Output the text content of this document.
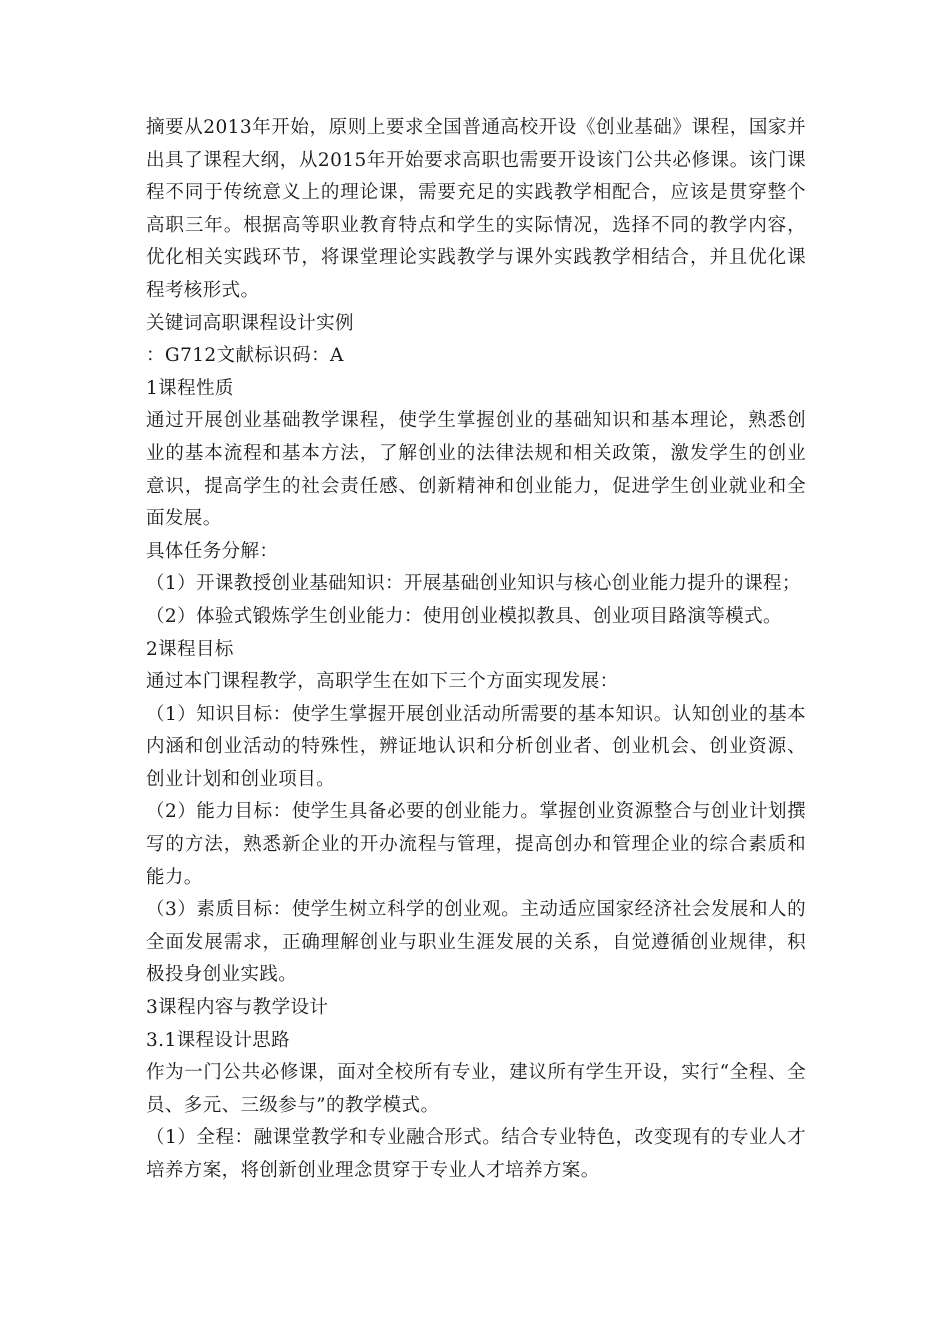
摘要从2013年开始，原则上要求全国普通高校开设《创业基础》课程，国家并出具了课程大纲，从2015年开始要求高职也需要开设该门公共必修课。该门课程不同于传统意义上的理论课，需要充足的实践教学相配合，应该是贯穿整个高职三年。根据高等职业教育特点和学生的实际情况，选择不同的教学内容，优化相关实践环节，将课堂理论实践教学与课外实践教学相结合，并且优化课程考核形式。

关键词高职课程设计实例

：G712文献标识码：A

1课程性质

通过开展创业基础教学课程，使学生掌握创业的基础知识和基本理论，熟悉创业的基本流程和基本方法，了解创业的法律法规和相关政策，激发学生的创业意识，提高学生的社会责任感、创新精神和创业能力，促进学生创业就业和全面发展。

具体任务分解：

（1）开课教授创业基础知识：开展基础创业知识与核心创业能力提升的课程；

（2）体验式锻炼学生创业能力：使用创业模拟教具、创业项目路演等模式。

2课程目标

通过本门课程教学，高职学生在如下三个方面实现发展：

（1）知识目标：使学生掌握开展创业活动所需要的基本知识。认知创业的基本内涵和创业活动的特殊性，辨证地认识和分析创业者、创业机会、创业资源、创业计划和创业项目。

（2）能力目标：使学生具备必要的创业能力。掌握创业资源整合与创业计划撰写的方法，熟悉新企业的开办流程与管理，提高创办和管理企业的综合素质和能力。

（3）素质目标：使学生树立科学的创业观。主动适应国家经济社会发展和人的全面发展需求，正确理解创业与职业生涯发展的关系，自觉遵循创业规律，积极投身创业实践。

3课程内容与教学设计

3.1课程设计思路

作为一门公共必修课，面对全校所有专业，建议所有学生开设，实行“全程、全员、多元、三级参与”的教学模式。

（1）全程：融课堂教学和专业融合形式。结合专业特色，改变现有的专业人才培养方案，将创新创业理念贯穿于专业人才培养方案。
